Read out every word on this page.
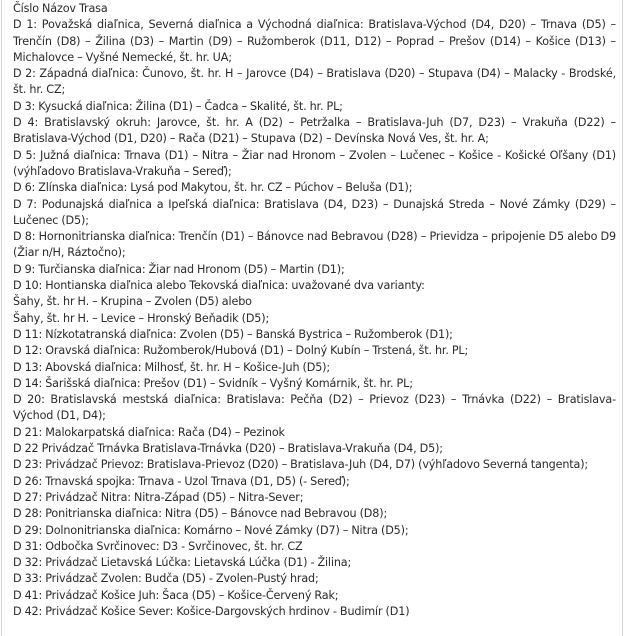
Číslo Názov Trasa

D 1: Považská diaľnica, Severná diaľnica a Východná diaľnica: Bratislava-Východ (D4, D20) – Trnava (D5) – Trenčín (D8) – Žilina (D3) – Martin (D9) – Ružomberok (D11, D12) – Poprad – Prešov (D14) – Košice (D13) – Michalovce – Vyšné Nemecké, št. hr. UA;

D 2: Západná diaľnica: Čunovo, št. hr. H – Jarovce (D4) – Bratislava (D20) – Stupava (D4) – Malacky - Brodské, št. hr. CZ;

D 3: Kysucká diaľnica: Žilina (D1) – Čadca – Skalité, št. hr. PL;

D 4: Bratislavský okruh: Jarovce, št. hr. A (D2) – Petržalka – Bratislava-Juh (D7, D23) – Vrakuňa (D22) – Bratislava-Východ (D1, D20) – Rača (D21) – Stupava (D2) – Devínska Nová Ves, št. hr. A;

D 5: Južná diaľnica: Trnava (D1) – Nitra – Žiar nad Hronom – Zvolen – Lučenec – Košice - Košické Oľšany (D1) (výhľadovo Bratislava-Vrakuňa – Sereď);

D 6: Zlínska diaľnica: Lysá pod Makytou, št. hr. CZ – Púchov – Beluša (D1);

D 7: Podunajská diaľnica a Ipeľská diaľnica: Bratislava (D4, D23) – Dunajská Streda – Nové Zámky (D29) – Lučenec (D5);

D 8: Hornonitrianska diaľnica: Trenčín (D1) – Bánovce nad Bebravou (D28) – Prievidza – pripojenie D5 alebo D9 (Žiar n/H, Ráztočno);

D 9: Turčianska diaľnica: Žiar nad Hronom (D5) – Martin (D1);

D 10: Hontianska diaľnica alebo Tekovská diaľnica: uvažované dva varianty:

Šahy, št. hr H. – Krupina – Zvolen (D5) alebo

Šahy, št. hr H. – Levice – Hronský Beňadik (D5);

D 11: Nízkotatranská diaľnica: Zvolen (D5) – Banská Bystrica – Ružomberok (D1);

D 12: Oravská diaľnica: Ružomberok/Hubová (D1) – Dolný Kubín – Trstená, št. hr. PL;

D 13: Abovská diaľnica: Milhosť, št. hr. H – Košice-Juh (D5);

D 14: Šarišská diaľnica: Prešov (D1) – Svidník – Vyšný Komárnik, št. hr. PL;

D 20: Bratislavská mestská diaľnica: Bratislava: Pečňa (D2) – Prievoz (D23) – Trnávka (D22) – Bratislava-Východ (D1, D4);

D 21: Malokarpatská diaľnica: Rača (D4) – Pezinok

D 22 Privádzač Trnávka Bratislava-Trnávka (D20) – Bratislava-Vrakuňa (D4, D5);

D 23: Privádzač Prievoz: Bratislava-Prievoz (D20) – Bratislava-Juh (D4, D7) (výhľadovo Severná tangenta);

D 26: Trnavská spojka: Trnava - Uzol Trnava (D1, D5) (- Sereď);

D 27: Privádzač Nitra: Nitra-Západ (D5) – Nitra-Sever;

D 28: Ponitrianska diaľnica: Nitra (D5) – Bánovce nad Bebravou (D8);

D 29: Dolnonitrianska diaľnica: Komárno – Nové Zámky (D7) – Nitra (D5);

D 31: Odbočka Svrčinovec: D3 - Svrčinovec, št. hr. CZ

D 32: Privádzač Lietavská Lúčka: Lietavská Lúčka (D1) - Žilina;

D 33: Privádzač Zvolen: Budča (D5) - Zvolen-Pustý hrad;

D 41: Privádzač Košice Juh: Šaca (D5) – Košice-Červený Rak;

D 42: Privádzač Košice Sever: Košice-Dargovských hrdinov - Budimír (D1)
